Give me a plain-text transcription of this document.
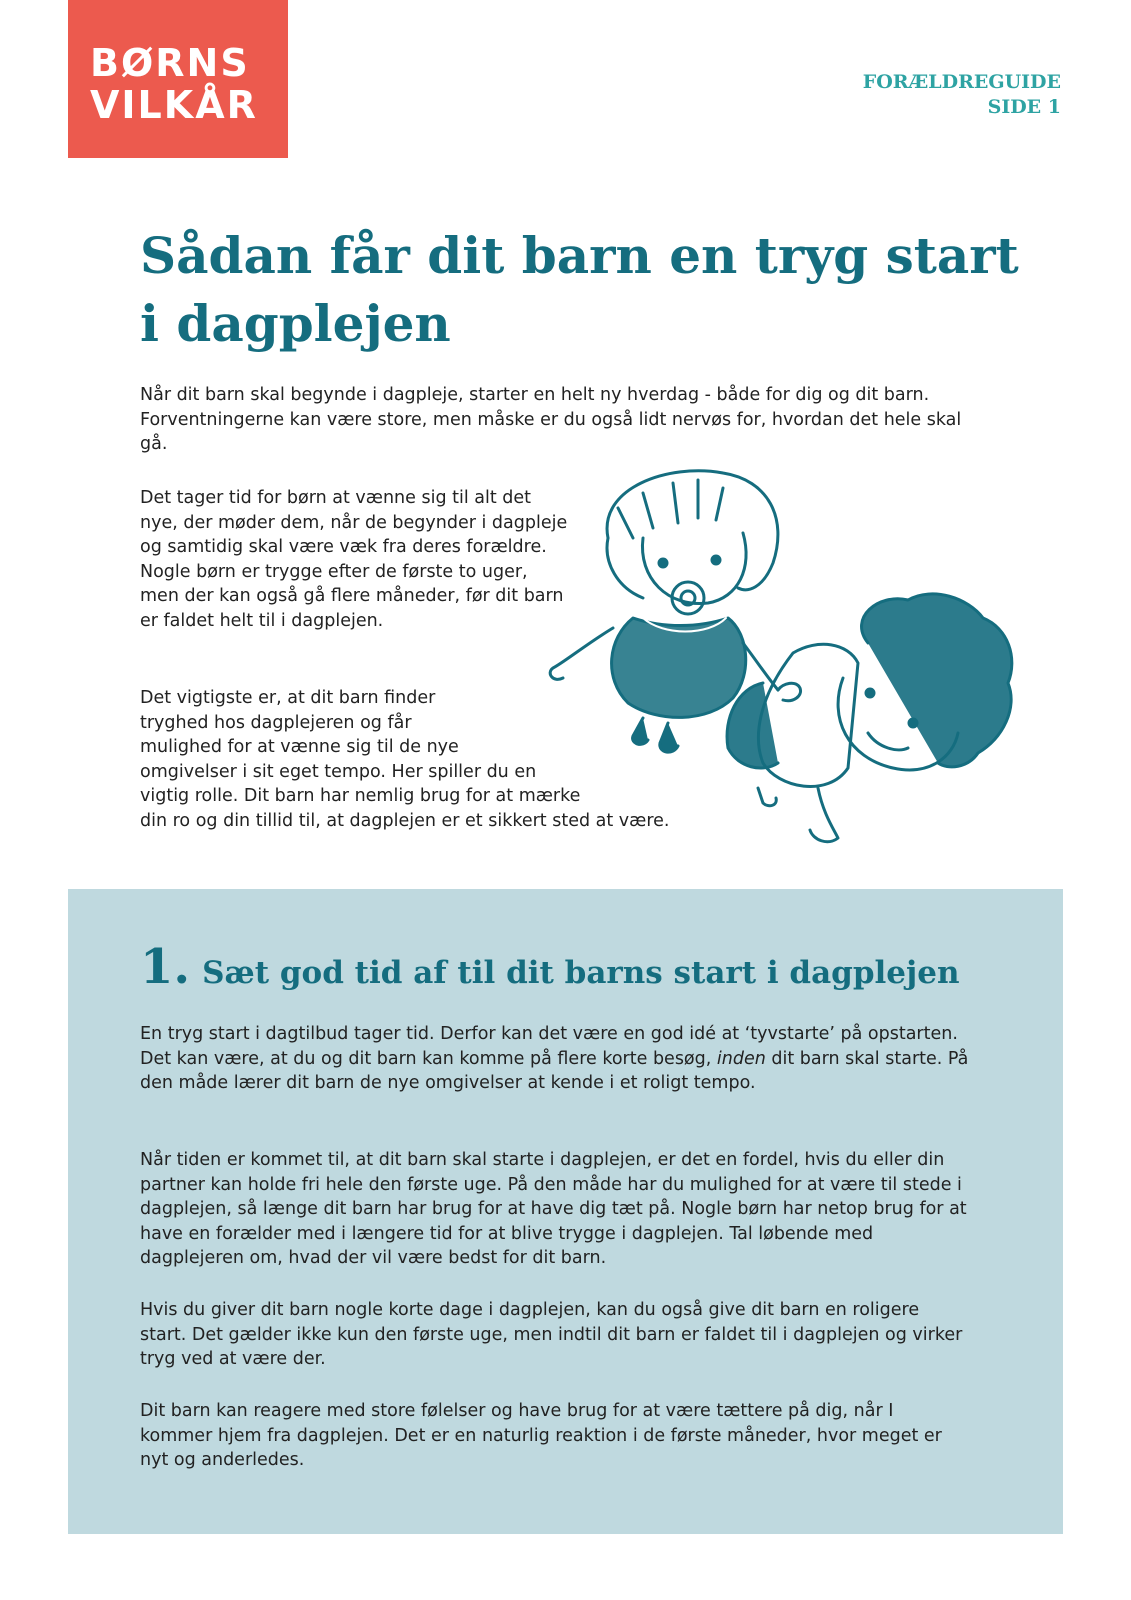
BØRNS
VILKÅR
FORÆLDREGUIDE
SIDE 1
Sådan får dit barn en tryg start i dagplejen

Når dit barn skal begynde i dagpleje, starter en helt ny hverdag - både for dig og dit barn. Forventningerne kan være store, men måske er du også lidt nervøs for, hvordan det hele skal gå.

Det tager tid for børn at vænne sig til alt det nye, der møder dem, når de begynder i dagpleje og samtidig skal være væk fra deres forældre. Nogle børn er trygge efter de første to uger, men der kan også gå flere måneder, før dit barn er faldet helt til i dagplejen.

Det vigtigste er, at dit barn finder
tryghed hos dagplejeren og får
mulighed for at vænne sig til de nye
omgivelser i sit eget tempo. Her spiller du en
vigtig rolle. Dit barn har nemlig brug for at mærke
din ro og din tillid til, at dagplejen er et sikkert sted at være.

1. Sæt god tid af til dit barns start i dagplejen

En tryg start i dagtilbud tager tid. Derfor kan det være en god idé at ‘tyvstarte’ på opstarten. Det kan være, at du og dit barn kan komme på flere korte besøg, inden dit barn skal starte. På den måde lærer dit barn de nye omgivelser at kende i et roligt tempo.

Når tiden er kommet til, at dit barn skal starte i dagplejen, er det en fordel, hvis du eller din partner kan holde fri hele den første uge. På den måde har du mulighed for at være til stede i dagplejen, så længe dit barn har brug for at have dig tæt på. Nogle børn har netop brug for at have en forælder med i længere tid for at blive trygge i dagplejen. Tal løbende med dagplejeren om, hvad der vil være bedst for dit barn.

Hvis du giver dit barn nogle korte dage i dagplejen, kan du også give dit barn en roligere start. Det gælder ikke kun den første uge, men indtil dit barn er faldet til i dagplejen og virker tryg ved at være der.

Dit barn kan reagere med store følelser og have brug for at være tættere på dig, når I kommer hjem fra dagplejen. Det er en naturlig reaktion i de første måneder, hvor meget er nyt og anderledes.
